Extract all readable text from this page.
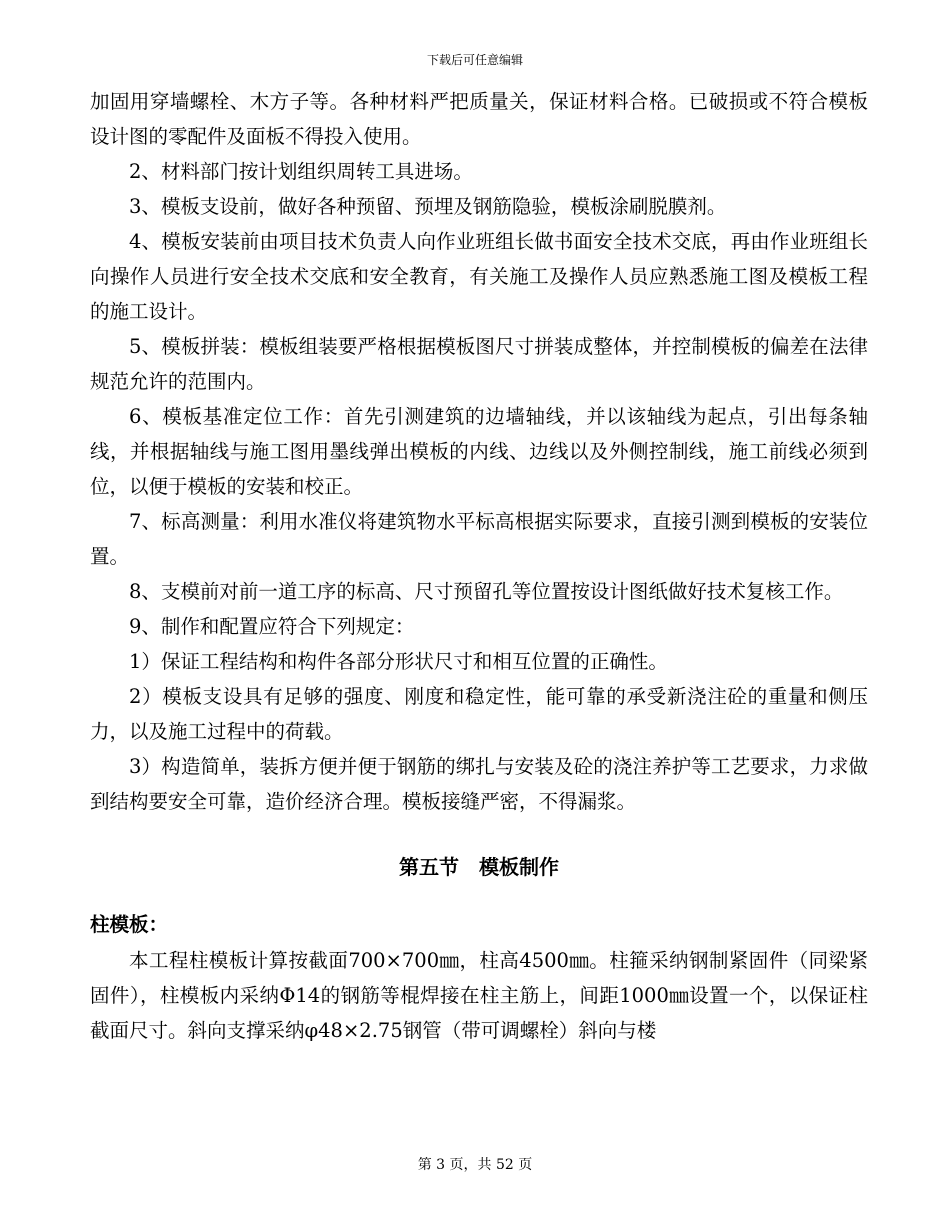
下载后可任意编辑

加固用穿墙螺栓、木方子等。各种材料严把质量关，保证材料合格。已破损或不符合模板设计图的零配件及面板不得投入使用。

2、材料部门按计划组织周转工具进场。

3、模板支设前，做好各种预留、预埋及钢筋隐验，模板涂刷脱膜剂。

4、模板安装前由项目技术负责人向作业班组长做书面安全技术交底，再由作业班组长向操作人员进行安全技术交底和安全教育，有关施工及操作人员应熟悉施工图及模板工程的施工设计。

5、模板拼装：模板组装要严格根据模板图尺寸拼装成整体，并控制模板的偏差在法律规范允许的范围内。

6、模板基准定位工作：首先引测建筑的边墙轴线，并以该轴线为起点，引出每条轴线，并根据轴线与施工图用墨线弹出模板的内线、边线以及外侧控制线，施工前线必须到位，以便于模板的安装和校正。

7、标高测量：利用水准仪将建筑物水平标高根据实际要求，直接引测到模板的安装位置。

8、支模前对前一道工序的标高、尺寸预留孔等位置按设计图纸做好技术复核工作。

9、制作和配置应符合下列规定：

1）保证工程结构和构件各部分形状尺寸和相互位置的正确性。

2）模板支设具有足够的强度、刚度和稳定性，能可靠的承受新浇注砼的重量和侧压力，以及施工过程中的荷载。

3）构造简单，装拆方便并便于钢筋的绑扎与安装及砼的浇注养护等工艺要求，力求做到结构要安全可靠，造价经济合理。模板接缝严密，不得漏浆。

第五节　模板制作
柱模板：

本工程柱模板计算按截面700×700㎜，柱高4500㎜。柱箍采纳钢制紧固件（同梁紧固件），柱模板内采纳Φ14的钢筋等棍焊接在柱主筋上，间距1000㎜设置一个，以保证柱截面尺寸。斜向支撑采纳φ48×2.75钢管（带可调螺栓）斜向与楼

第 3 页，共 52 页
